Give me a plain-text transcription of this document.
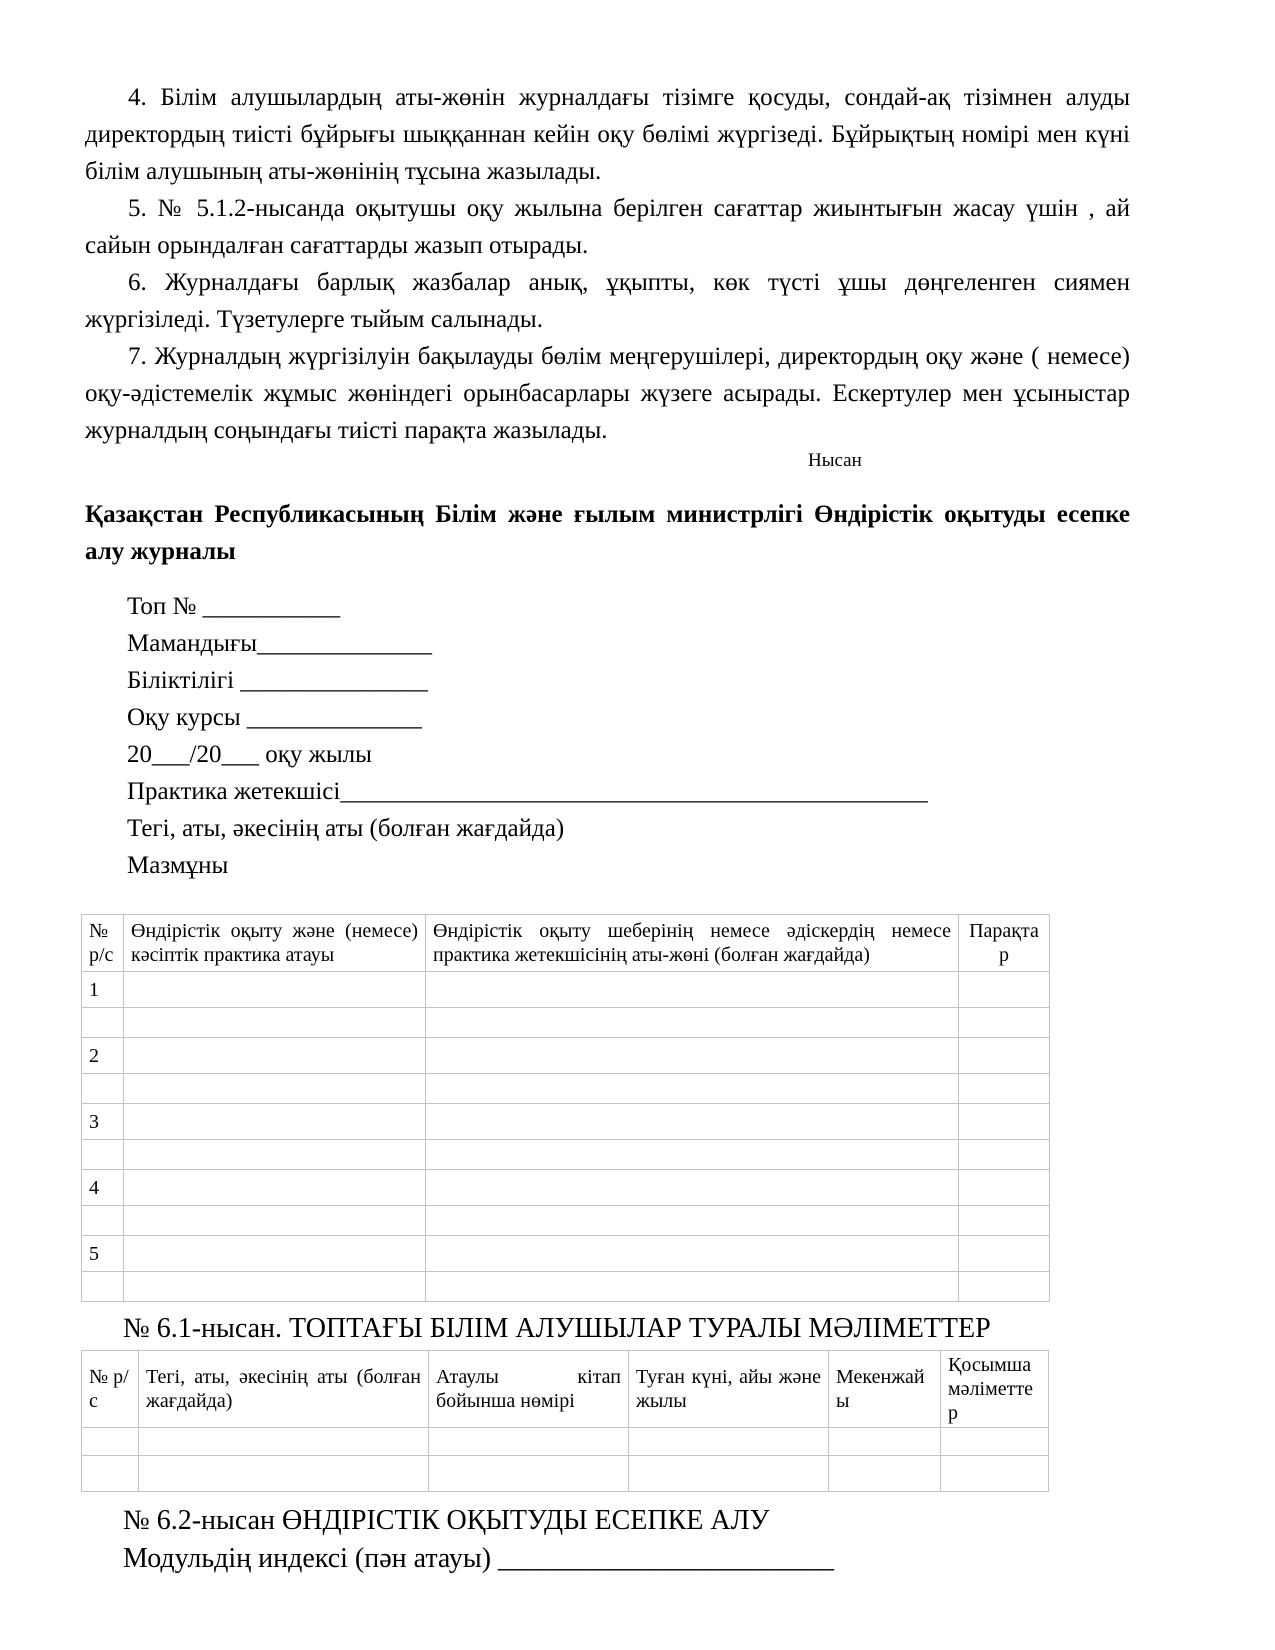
4. Білім алушылардың аты-жөнін журналдағы тізімге қосуды, сондай-ақ тізімнен алуды директордың тиісті бұйрығы шыққаннан кейін оқу бөлімі жүргізеді. Бұйрықтың номірі мен күні білім алушының аты-жөнінің тұсына жазылады.

5. № 5.1.2-нысанда оқытушы оқу жылына берілген сағаттар жиынтығын жасау үшін , ай сайын орындалған сағаттарды жазып отырады.

6. Журналдағы барлық жазбалар анық, ұқыпты, көк түсті ұшы дөңгеленген сиямен жүргізіледі. Түзетулерге тыйым салынады.

7. Журналдың жүргізілуін бақылауды бөлім меңгерушілері, директордың оқу және ( немесе) оқу-әдістемелік жұмыс жөніндегі орынбасарлары жүзеге асырады. Ескертулер мен ұсыныстар журналдың соңындағы тиісті парақта жазылады.

Нысан
Қазақстан Республикасының Білім және ғылым министрлігі Өндірістік оқытуды есепке алу журналы
Топ № ___________
Мамандығы______________
Біліктілігі _______________
Оқу курсы ______________
20___/20___ оқу жылы
Практика жетекшісі_______________________________________________
Тегі, аты, әкесінің аты (болған жағдайда)
Мазмұны
№ р/с	Өндірістік оқыту және (немесе) кәсіптік практика атауы	Өндірістік оқыту шеберінің немесе әдіскердің немесе практика жетекшісінің аты-жөні (болған жағдайда)	Парақтар
1			

2			

3			

4			

5			

№ 6.1-нысан. ТОПТАҒЫ БІЛІМ АЛУШЫЛАР ТУРАЛЫ МӘЛІМЕТТЕР
№ р/с	Тегі, аты, әкесінің аты (болған жағдайда)	Атаулы кітап бойынша нөмірі	Туған күні, айы және жылы	Мекенжайы	Қосымша мәліметтер

№ 6.2-нысан ӨНДІРІСТІК ОҚЫТУДЫ ЕСЕПКЕ АЛУ
Модульдің индексі (пән атауы) ________________________
